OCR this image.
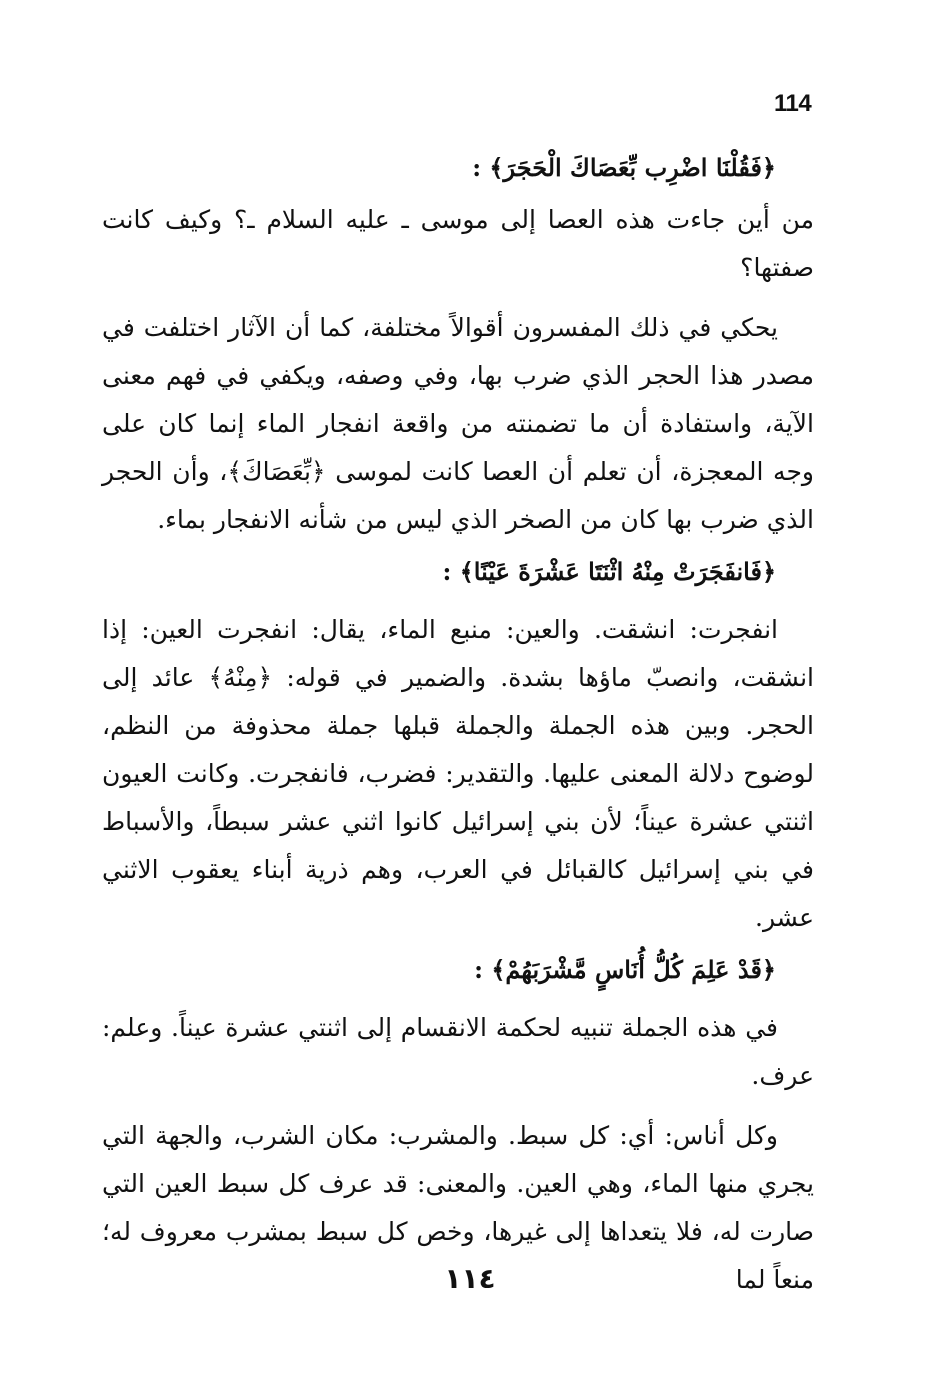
114
﴿فَقُلْنَا اضْرِب بِّعَصَاكَ الْحَجَرَ﴾ :

من أين جاءت هذه العصا إلى موسى ـ عليه السلام ـ؟ وكيف كانت صفتها؟

يحكي في ذلك المفسرون أقوالاً مختلفة، كما أن الآثار اختلفت في مصدر هذا الحجر الذي ضرب بها، وفي وصفه، ويكفي في فهم معنى الآية، واستفادة أن ما تضمنته من واقعة انفجار الماء إنما كان على وجه المعجزة، أن تعلم أن العصا كانت لموسى ﴿بِّعَصَاكَ﴾، وأن الحجر الذي ضرب بها كان من الصخر الذي ليس من شأنه الانفجار بماء.

﴿فَانفَجَرَتْ مِنْهُ اثْنَتَا عَشْرَةَ عَيْنًا﴾ :

انفجرت: انشقت. والعين: منبع الماء، يقال: انفجرت العين: إذا انشقت، وانصبّ ماؤها بشدة. والضمير في قوله: ﴿مِنْهُ﴾ عائد إلى الحجر. وبين هذه الجملة والجملة قبلها جملة محذوفة من النظم، لوضوح دلالة المعنى عليها. والتقدير: فضرب، فانفجرت. وكانت العيون اثنتي عشرة عيناً؛ لأن بني إسرائيل كانوا اثني عشر سبطاً، والأسباط في بني إسرائيل كالقبائل في العرب، وهم ذرية أبناء يعقوب الاثني عشر.

﴿قَدْ عَلِمَ كُلُّ أُنَاسٍ مَّشْرَبَهُمْ﴾ :

في هذه الجملة تنبيه لحكمة الانقسام إلى اثنتي عشرة عيناً. وعلم: عرف.

وكل أناس: أي: كل سبط. والمشرب: مكان الشرب، والجهة التي يجري منها الماء، وهي العين. والمعنى: قد عرف كل سبط العين التي صارت له، فلا يتعداها إلى غيرها، وخص كل سبط بمشرب معروف له؛ منعاً لما

١١٤
